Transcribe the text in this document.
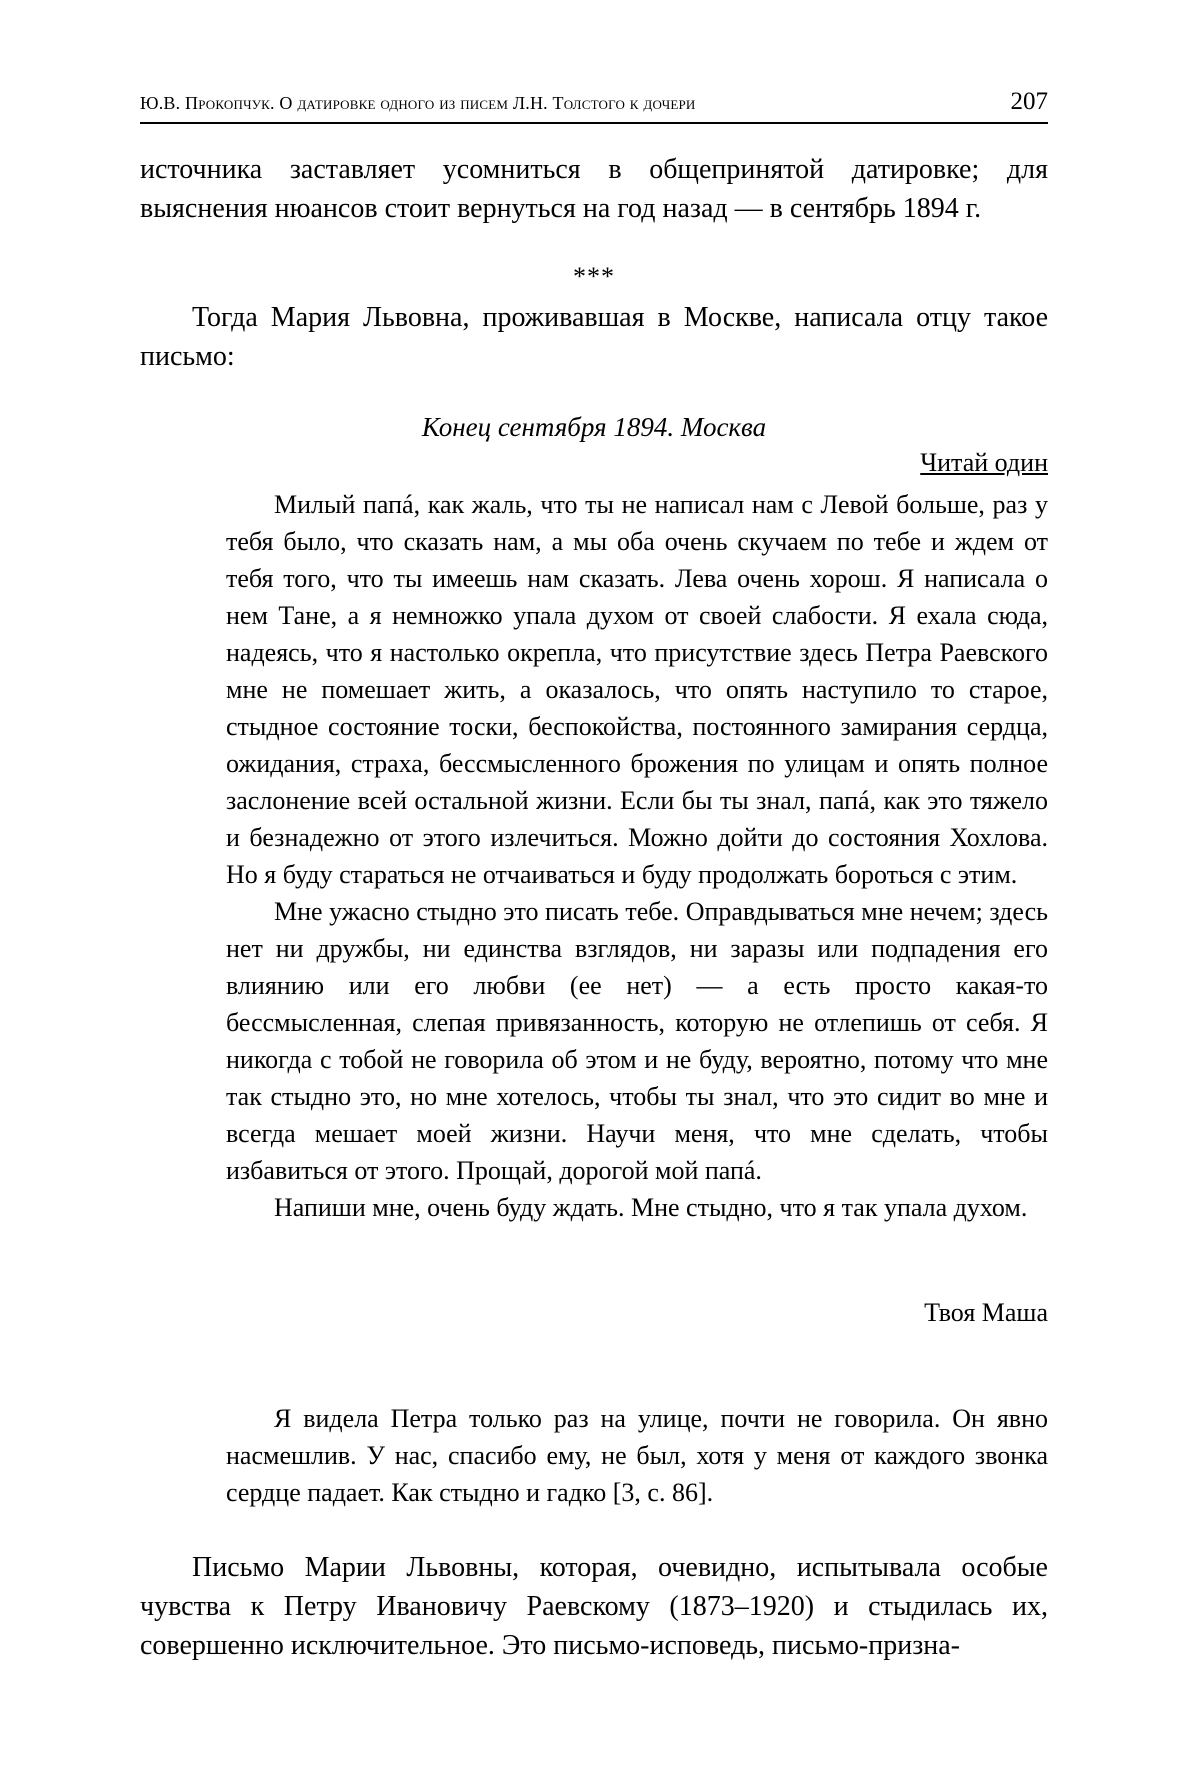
Ю.В. Прокопчук. О датировке одного из писем Л.Н. Толстого к дочери	207

источника заставляет усомниться в общепринятой датировке; для выяснения нюансов стоит вернуться на год назад — в сентябрь 1894 г.

***

Тогда Мария Львовна, проживавшая в Москве, написала отцу такое письмо:

Конец сентября 1894. Москва
Читай один

Милый папá, как жаль, что ты не написал нам с Левой больше, раз у тебя было, что сказать нам, а мы оба очень скучаем по тебе и ждем от тебя того, что ты имеешь нам сказать. Лева очень хорош. Я написала о нем Тане, а я немножко упала духом от своей слабости. Я ехала сюда, надеясь, что я настолько окрепла, что присутствие здесь Петра Раевского мне не помешает жить, а оказалось, что опять наступило то старое, стыдное состояние тоски, беспокойства, постоянного замирания сердца, ожидания, страха, бессмысленного брожения по улицам и опять полное заслонение всей остальной жизни. Если бы ты знал, папá, как это тяжело и безнадежно от этого излечиться. Можно дойти до состояния Хохлова. Но я буду стараться не отчаиваться и буду продолжать бороться с этим.

Мне ужасно стыдно это писать тебе. Оправдываться мне нечем; здесь нет ни дружбы, ни единства взглядов, ни заразы или подпадения его влиянию или его любви (ее нет) — а есть просто какая-то бессмысленная, слепая привязанность, которую не отлепишь от себя. Я никогда с тобой не говорила об этом и не буду, вероятно, потому что мне так стыдно это, но мне хотелось, чтобы ты знал, что это сидит во мне и всегда мешает моей жизни. Научи меня, что мне сделать, чтобы избавиться от этого. Прощай, дорогой мой папá.

Напиши мне, очень буду ждать. Мне стыдно, что я так упала духом.

Твоя Маша

Я видела Петра только раз на улице, почти не говорила. Он явно насмешлив. У нас, спасибо ему, не был, хотя у меня от каждого звонка сердце падает. Как стыдно и гадко [3, с. 86].

Письмо Марии Львовны, которая, очевидно, испытывала особые чувства к Петру Ивановичу Раевскому (1873–1920) и стыдилась их, совершенно исключительное. Это письмо-исповедь, письмо-призна-
